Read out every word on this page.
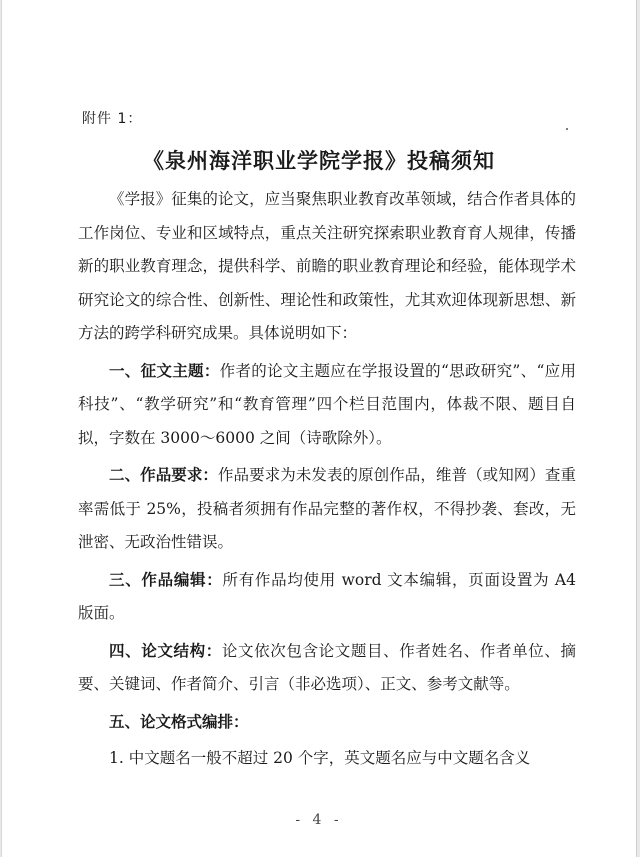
附件 1：
《泉州海洋职业学院学报》投稿须知

《学报》征集的论文，应当聚焦职业教育改革领域，结合作者具体的工作岗位、专业和区域特点，重点关注研究探索职业教育育人规律，传播新的职业教育理念，提供科学、前瞻的职业教育理论和经验，能体现学术研究论文的综合性、创新性、理论性和政策性，尤其欢迎体现新思想、新方法的跨学科研究成果。具体说明如下：

一、征文主题：作者的论文主题应在学报设置的“思政研究”、“应用科技”、“教学研究”和“教育管理”四个栏目范围内，体裁不限、题目自拟，字数在 3000～6000 之间（诗歌除外）。

二、作品要求：作品要求为未发表的原创作品，维普（或知网）查重率需低于 25%，投稿者须拥有作品完整的著作权，不得抄袭、套改，无泄密、无政治性错误。

三、作品编辑：所有作品均使用 word 文本编辑，页面设置为 A4 版面。

四、论文结构：论文依次包含论文题目、作者姓名、作者单位、摘要、关键词、作者简介、引言（非必选项）、正文、参考文献等。

五、论文格式编排：

1. 中文题名一般不超过 20 个字，英文题名应与中文题名含义

- 4 -
